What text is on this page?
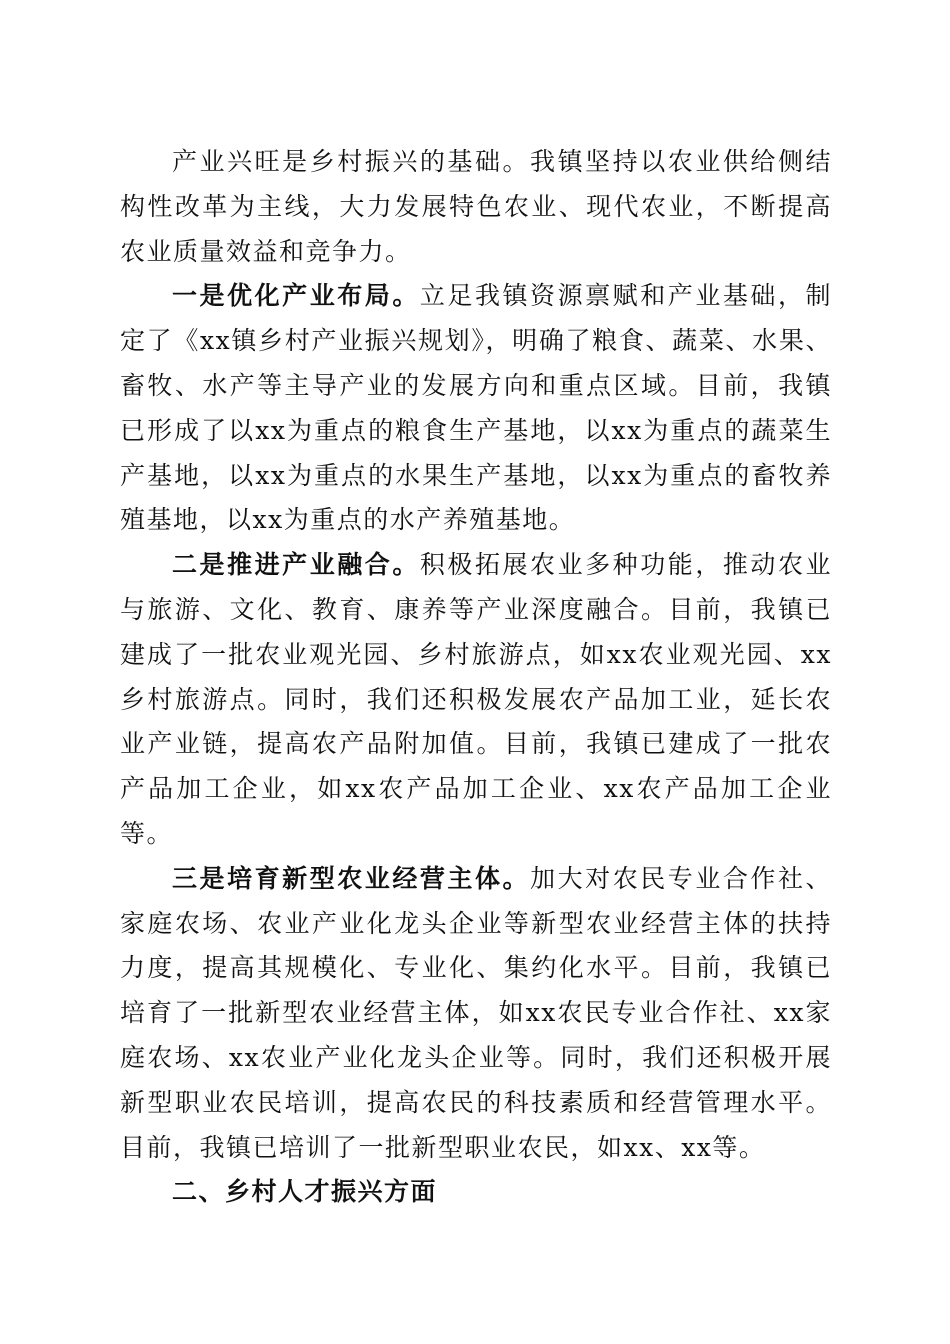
产业兴旺是乡村振兴的基础。我镇坚持以农业供给侧结构性改革为主线，大力发展特色农业、现代农业，不断提高农业质量效益和竞争力。

一是优化产业布局。立足我镇资源禀赋和产业基础，制定了《xx镇乡村产业振兴规划》，明确了粮食、蔬菜、水果、畜牧、水产等主导产业的发展方向和重点区域。目前，我镇已形成了以xx为重点的粮食生产基地，以xx为重点的蔬菜生产基地，以xx为重点的水果生产基地，以xx为重点的畜牧养殖基地，以xx为重点的水产养殖基地。

二是推进产业融合。积极拓展农业多种功能，推动农业与旅游、文化、教育、康养等产业深度融合。目前，我镇已建成了一批农业观光园、乡村旅游点，如xx农业观光园、xx乡村旅游点。同时，我们还积极发展农产品加工业，延长农业产业链，提高农产品附加值。目前，我镇已建成了一批农产品加工企业，如xx农产品加工企业、xx农产品加工企业等。

三是培育新型农业经营主体。加大对农民专业合作社、家庭农场、农业产业化龙头企业等新型农业经营主体的扶持力度，提高其规模化、专业化、集约化水平。目前，我镇已培育了一批新型农业经营主体，如xx农民专业合作社、xx家庭农场、xx农业产业化龙头企业等。同时，我们还积极开展新型职业农民培训，提高农民的科技素质和经营管理水平。目前，我镇已培训了一批新型职业农民，如xx、xx等。

二、乡村人才振兴方面
